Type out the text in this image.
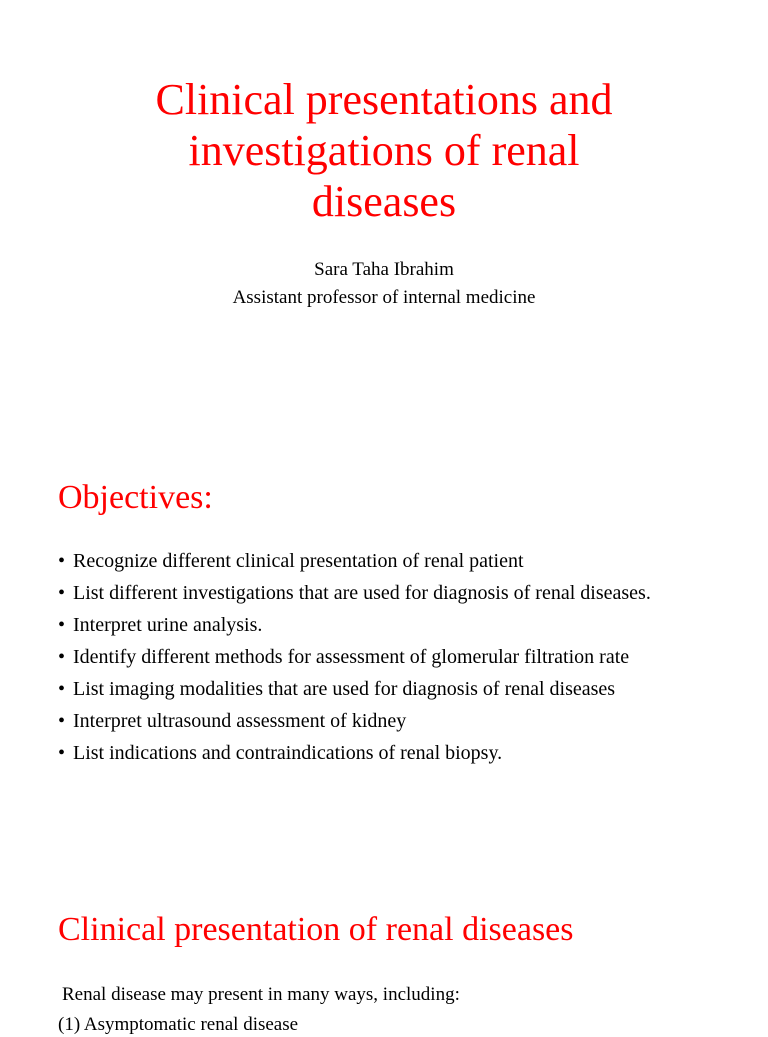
Clinical presentations and
investigations of renal
diseases
Sara Taha Ibrahim
Assistant professor of internal medicine
Objectives:
• Recognize different clinical presentation of renal patient
• List different investigations that are used for diagnosis of renal diseases.
• Interpret urine analysis.
• Identify different methods for assessment of glomerular filtration rate
• List imaging modalities that are used for diagnosis of renal diseases
• Interpret ultrasound assessment of kidney
• List indications and contraindications of renal biopsy.
Clinical presentation of renal diseases
Renal disease may present in many ways, including:
(1) Asymptomatic renal disease
